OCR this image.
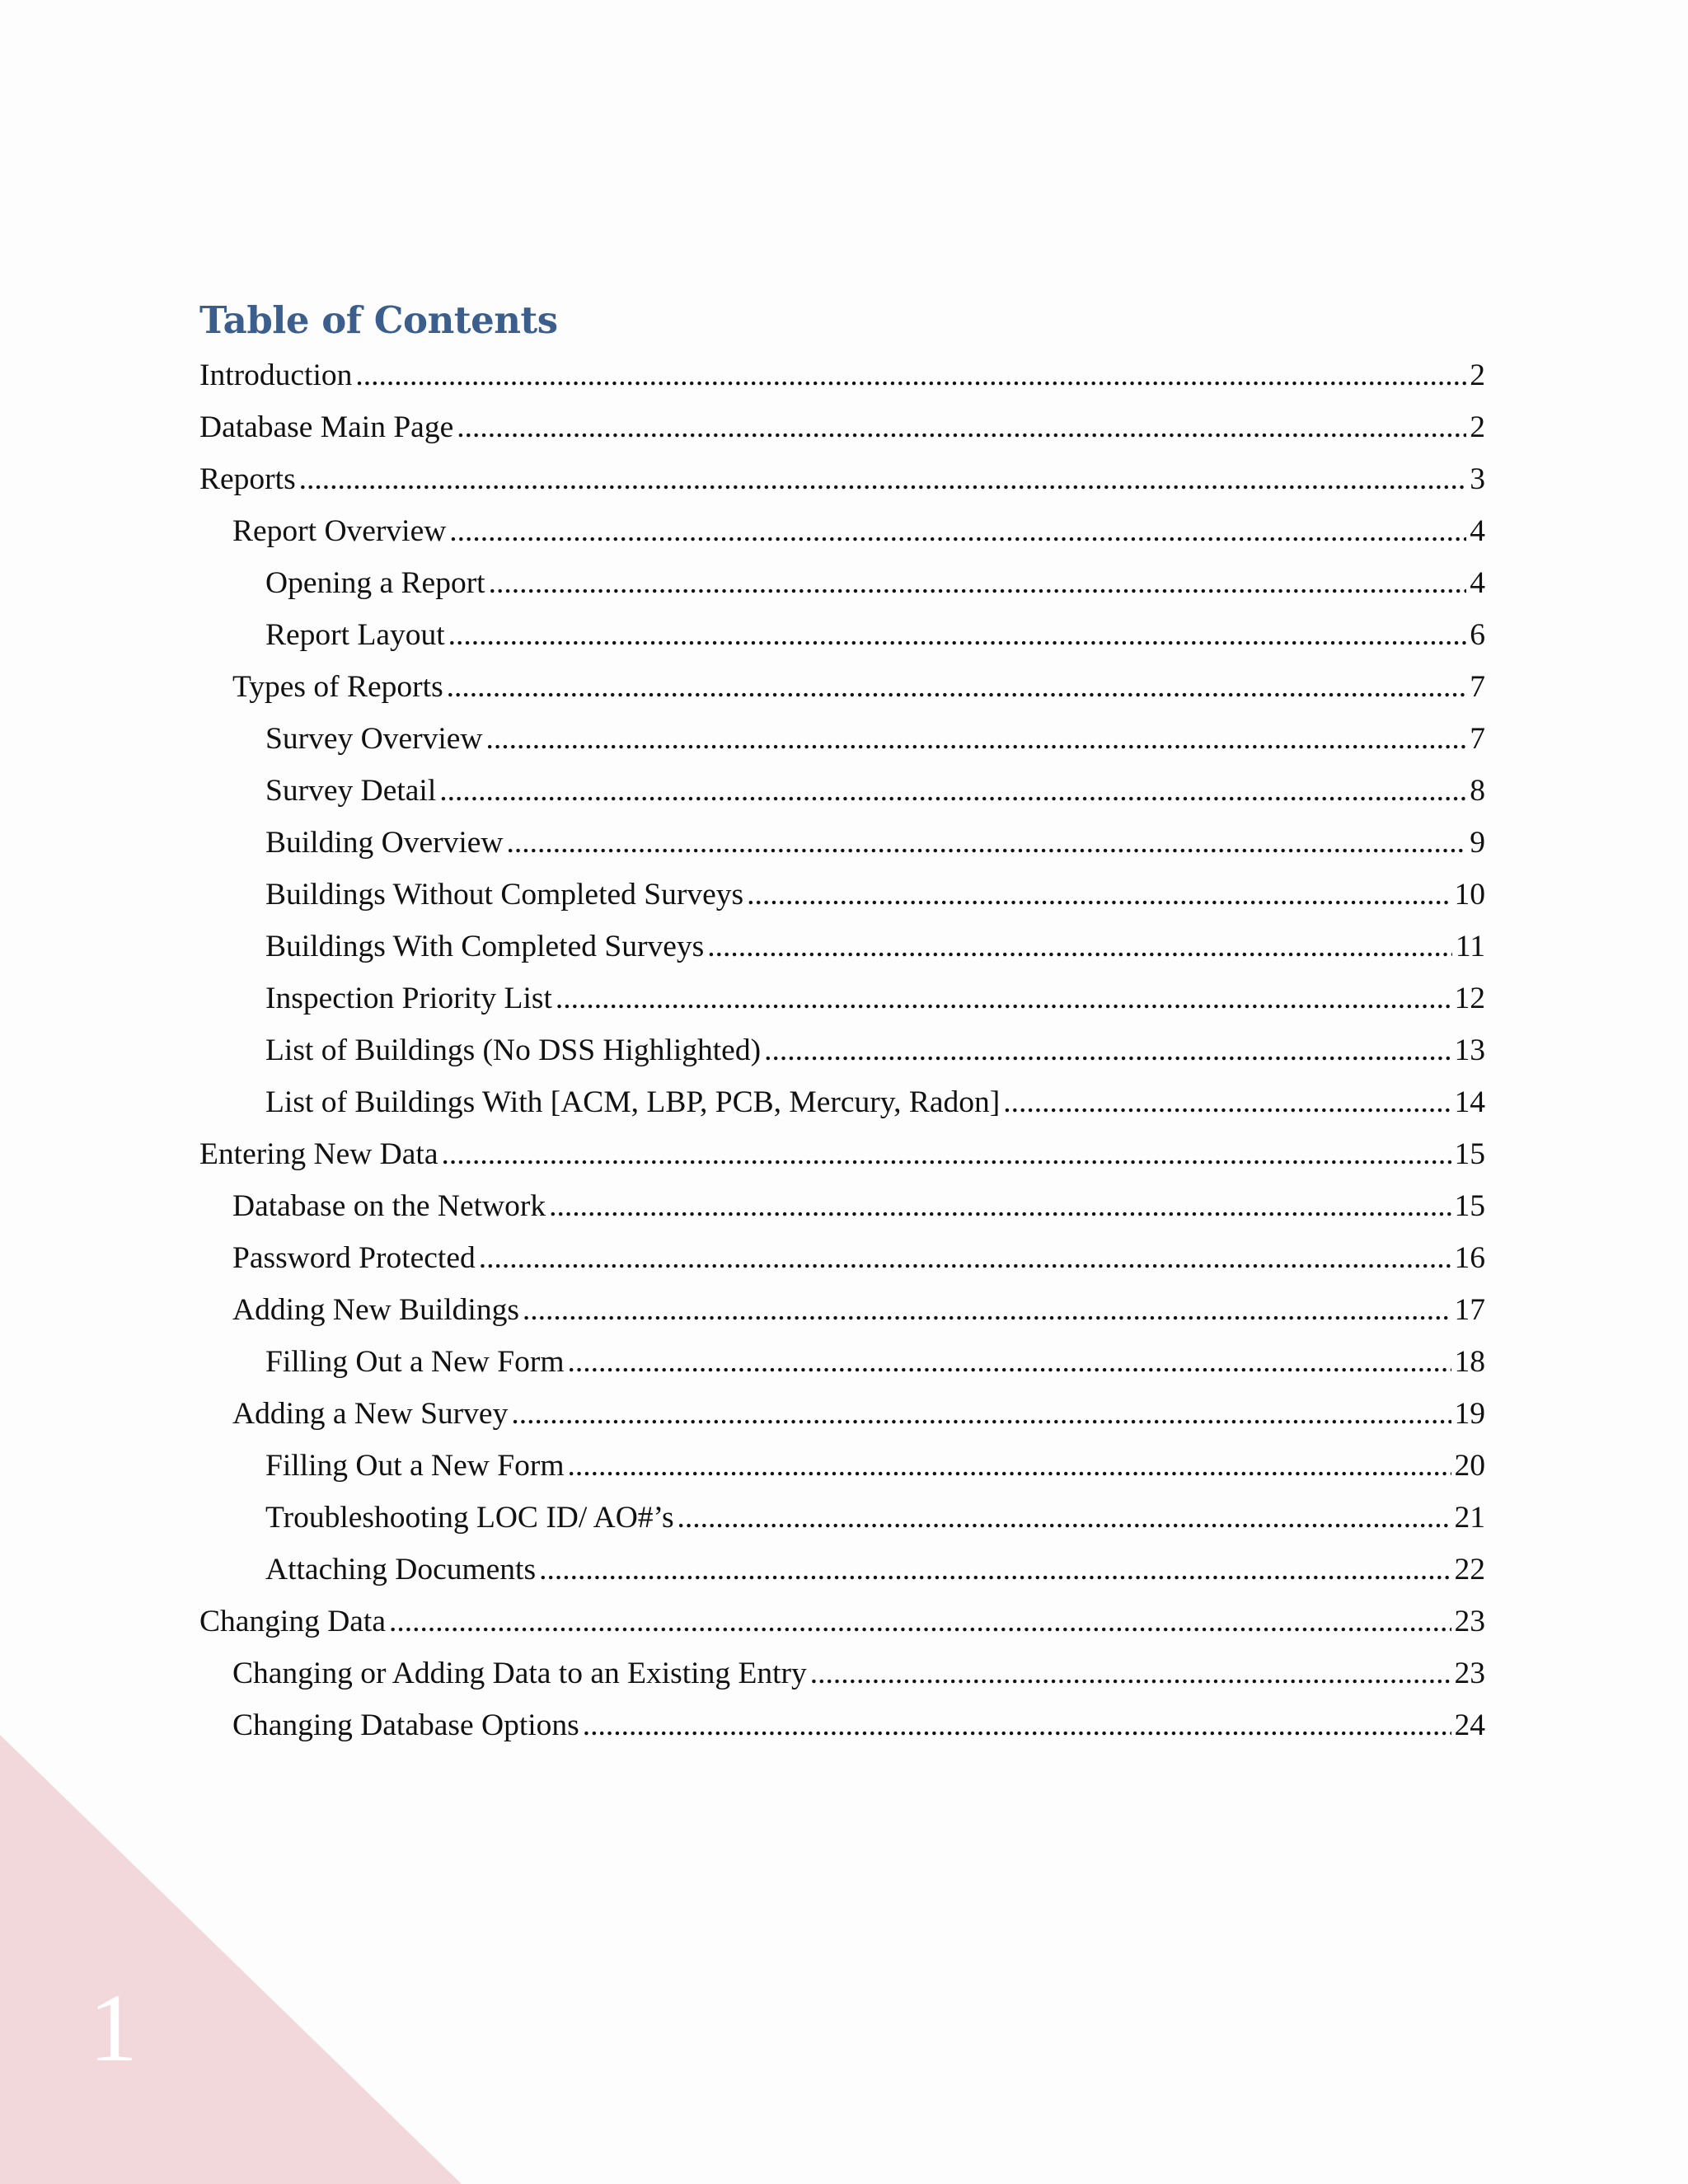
Table of Contents
Introduction .....	2
Database Main Page .....	2
Reports .....	3
Report Overview .....	4
Opening a Report .....	4
Report Layout .....	6
Types of Reports .....	7
Survey Overview .....	7
Survey Detail .....	8
Building Overview .....	9
Buildings Without Completed Surveys .....	10
Buildings With Completed Surveys .....	11
Inspection Priority List .....	12
List of Buildings (No DSS Highlighted) .....	13
List of Buildings With [ACM, LBP, PCB, Mercury, Radon] .....	14
Entering New Data .....	15
Database on the Network .....	15
Password Protected .....	16
Adding New Buildings .....	17
Filling Out a New Form .....	18
Adding a New Survey .....	19
Filling Out a New Form .....	20
Troubleshooting LOC ID/ AO#’s .....	21
Attaching Documents .....	22
Changing Data .....	23
Changing or Adding Data to an Existing Entry .....	23
Changing Database Options .....	24
1
